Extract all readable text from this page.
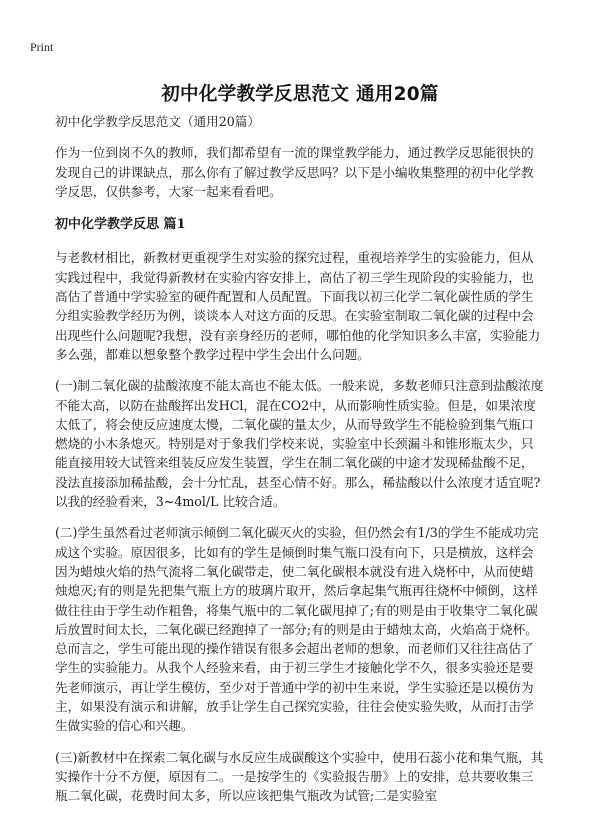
Print
初中化学教学反思范文 通用20篇

初中化学教学反思范文（通用20篇）

作为一位到岗不久的教师，我们都希望有一流的课堂教学能力，通过教学反思能很快的发现自己的讲课缺点，那么你有了解过教学反思吗？以下是小编收集整理的初中化学教学反思，仅供参考，大家一起来看看吧。

初中化学教学反思 篇1

与老教材相比，新教材更重视学生对实验的探究过程，重视培养学生的实验能力，但从实践过程中，我觉得新教材在实验内容安排上，高估了初三学生现阶段的实验能力，也高估了普通中学实验室的硬件配置和人员配置。下面我以初三化学二氧化碳性质的学生分组实验教学经历为例，谈谈本人对这方面的反思。在实验室制取二氧化碳的过程中会出现些什么问题呢?我想，没有亲身经历的老师，哪怕他的化学知识多么丰富，实验能力多么强，都难以想象整个教学过程中学生会出什么问题。

(一)制二氧化碳的盐酸浓度不能太高也不能太低。一般来说，多数老师只注意到盐酸浓度不能太高，以防在盐酸挥出发HCl，混在CO2中，从而影响性质实验。但是，如果浓度太低了，将会使反应速度太慢，二氧化碳的量太少，从而导致学生不能检验到集气瓶口燃烧的小木条熄灭。特别是对于象我们学校来说，实验室中长颈漏斗和锥形瓶太少，只能直接用较大试管来组装反应发生装置，学生在制二氧化碳的中途才发现稀盐酸不足，没法直接添加稀盐酸，会十分忙乱，甚至心情不好。那么，稀盐酸以什么浓度才适宜呢?以我的经验看来，3~4mol/L 比较合适。

(二)学生虽然看过老师演示倾倒二氧化碳灭火的实验，但仍然会有1/3的学生不能成功完成这个实验。原因很多，比如有的学生是倾倒时集气瓶口没有向下，只是横放，这样会因为蜡烛火焰的热气流将二氧化碳带走，使二氧化碳根本就没有进入烧杯中，从而使蜡烛熄灭;有的则是先把集气瓶上方的玻璃片取开，然后拿起集气瓶再往烧杯中倾倒，这样做往往由于学生动作粗鲁，将集气瓶中的二氧化碳甩掉了;有的则是由于收集守二氧化碳后放置时间太长，二氧化碳已经跑掉了一部分;有的则是由于蜡烛太高，火焰高于烧杯。总而言之，学生可能出现的操作错误有很多会超出老师的想象，而老师们又往往高估了学生的实验能力。从我个人经验来看，由于初三学生才接触化学不久，很多实验还是要先老师演示，再让学生模仿，至少对于普通中学的初中生来说，学生实验还是以模仿为主，如果没有演示和讲解，放手让学生自己探究实验，往往会使实验失败，从而打击学生做实验的信心和兴趣。

(三)新教材中在探索二氧化碳与水反应生成碳酸这个实验中，使用石蕊小花和集气瓶，其实操作十分不方便，原因有二。一是按学生的《实验报告册》上的安排，总共要收集三瓶二氧化碳，花费时间太多，所以应该把集气瓶改为试管;二是实验室
